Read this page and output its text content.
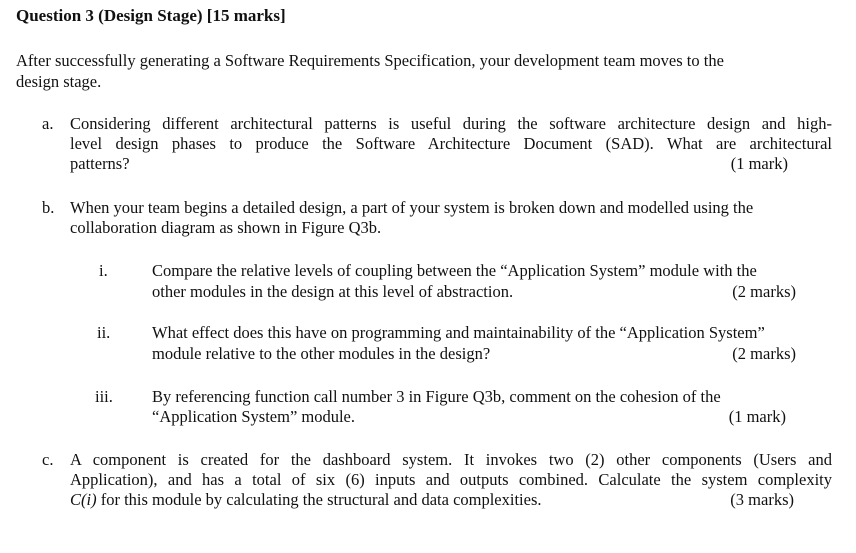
Question 3 (Design Stage) [15 marks]
After successfully generating a Software Requirements Specification, your development team moves to the
design stage.
a. Considering different architectural patterns is useful during the software architecture design and high-
level design phases to produce the Software Architecture Document (SAD). What are architectural
patterns?	(1 mark)
b. When your team begins a detailed design, a part of your system is broken down and modelled using the
collaboration diagram as shown in Figure Q3b.
i.	Compare the relative levels of coupling between the “Application System” module with the
other modules in the design at this level of abstraction.	(2 marks)
ii.	What effect does this have on programming and maintainability of the “Application System”
module relative to the other modules in the design?	(2 marks)
iii. By referencing function call number 3 in Figure Q3b, comment on the cohesion of the
“Application System” module.	(1 mark)
c. A component is created for the dashboard system. It invokes two (2) other components (Users and
Application), and has a total of six (6) inputs and outputs combined. Calculate the system complexity
C(i) for this module by calculating the structural and data complexities.	(3 marks)
